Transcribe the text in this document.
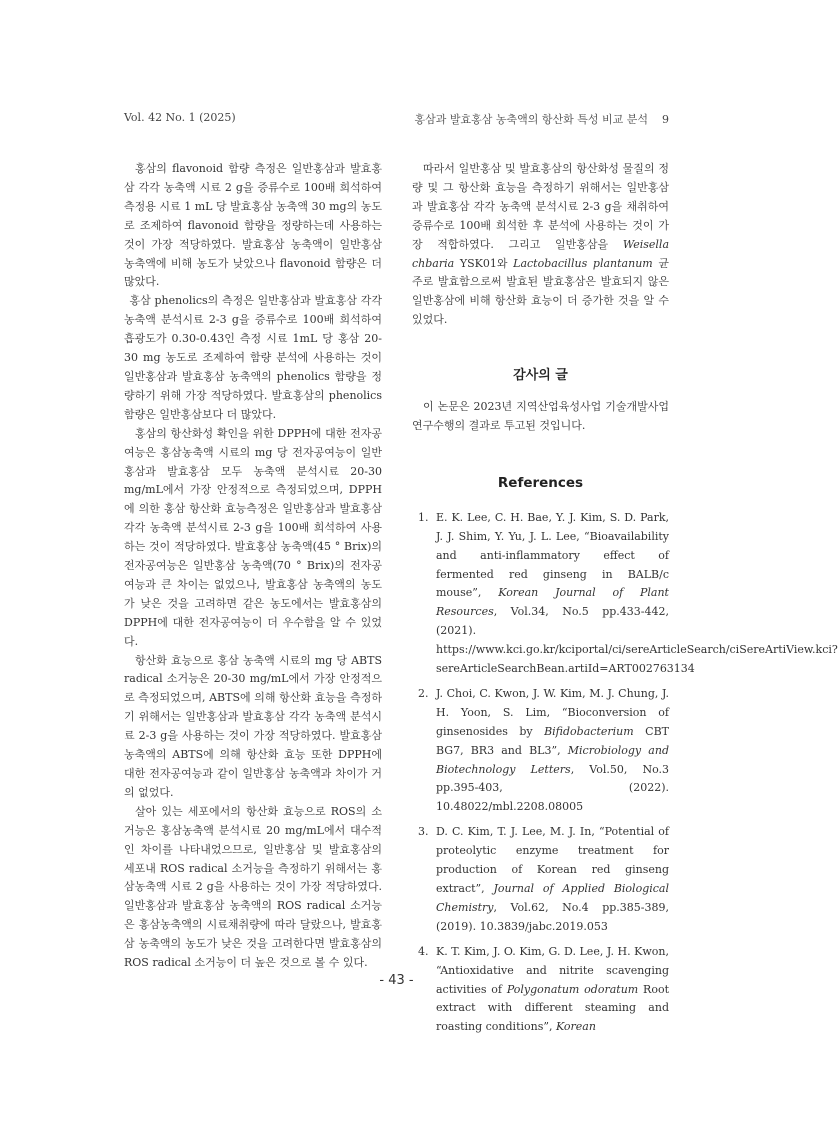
Vol. 42 No. 1 (2025)	홍삼과 발효홍삼 농축액의 항산화 특성 비교 분석 9

홍삼의 flavonoid 함량 측정은 일반홍삼과 발효홍삼 각각 농축액 시료 2 g을 증류수로 100배 희석하여 측정용 시료 1 mL 당 발효홍삼 농축액 30 mg의 농도로 조제하여 flavonoid 함량을 정량하는데 사용하는 것이 가장 적당하였다. 발효홍삼 농축액이 일반홍삼 농축액에 비해 농도가 낮았으나 flavonoid 함량은 더 많았다.

홍삼 phenolics의 측정은 일반홍삼과 발효홍삼 각각 농축액 분석시료 2-3 g을 증류수로 100배 희석하여 흡광도가 0.30-0.43인 측정 시료 1mL 당 홍삼 20-30 mg 농도로 조제하여 함량 분석에 사용하는 것이 일반홍삼과 발효홍삼 농축액의 phenolics 함량을 정량하기 위해 가장 적당하였다. 발효홍삼의 phenolics 함량은 일반홍삼보다 더 많았다.

홍삼의 항산화성 확인을 위한 DPPH에 대한 전자공여능은 홍삼농축액 시료의 mg 당 전자공여능이 일반홍삼과 발효홍삼 모두 농축액 분석시료 20-30 mg/mL에서 가장 안정적으로 측정되었으며, DPPH에 의한 홍삼 항산화 효능측정은 일반홍삼과 발효홍삼 각각 농축액 분석시료 2-3 g을 100배 희석하여 사용하는 것이 적당하였다. 발효홍삼 농축액(45 ° Brix)의 전자공여능은 일반홍삼 농축액(70 ° Brix)의 전자공여능과 큰 차이는 없었으나, 발효홍삼 농축액의 농도가 낮은 것을 고려하면 같은 농도에서는 발효홍삼의 DPPH에 대한 전자공여능이 더 우수함을 알 수 있었다.

항산화 효능으로 홍삼 농축액 시료의 mg 당 ABTS radical 소거능은 20-30 mg/mL에서 가장 안정적으로 측정되었으며, ABTS에 의해 항산화 효능을 측정하기 위해서는 일반홍삼과 발효홍삼 각각 농축액 분석시료 2-3 g을 사용하는 것이 가장 적당하였다. 발효홍삼 농축액의 ABTS에 의해 항산화 효능 또한 DPPH에 대한 전자공여능과 같이 일반홍삼 농축액과 차이가 거의 없었다.

살아 있는 세포에서의 항산화 효능으로 ROS의 소거능은 홍삼농축액 분석시료 20 mg/mL에서 대수적인 차이를 나타내었으므로, 일반홍삼 및 발효홍삼의 세포내 ROS radical 소거능을 측정하기 위해서는 홍삼농축액 시료 2 g을 사용하는 것이 가장 적당하였다. 일반홍삼과 발효홍삼 농축액의 ROS radical 소거능은 홍삼농축액의 시료채취량에 따라 달랐으나, 발효홍삼 농축액의 농도가 낮은 것을 고려한다면 발효홍삼의 ROS radical 소거능이 더 높은 것으로 볼 수 있다.

따라서 일반홍삼 및 발효홍삼의 항산화성 물질의 정량 및 그 항산화 효능을 측정하기 위해서는 일반홍삼과 발효홍삼 각각 농축액 분석시료 2-3 g을 채취하여 증류수로 100배 희석한 후 분석에 사용하는 것이 가장 적합하였다. 그리고 일반홍삼을 Weisella chbaria YSK01와 Lactobacillus plantanum 균주로 발효함으로써 발효된 발효홍삼은 발효되지 않은 일반홍삼에 비해 항산화 효능이 더 증가한 것을 알 수 있었다.

감사의 글

이 논문은 2023년 지역산업육성사업 기술개발사업 연구수행의 결과로 투고된 것입니다.

References
1. E. K. Lee, C. H. Bae, Y. J. Kim, S. D. Park, J. J. Shim, Y. Yu, J. L. Lee, “Bioavailability and anti-inflammatory effect of fermented red ginseng in BALB/c mouse”, Korean Journal of Plant Resources, Vol.34, No.5 pp.433-442, (2021). https://www.kci.go.kr/kciportal/ci/sereArticleSearch/ciSereArtiView.kci?sereArticleSearchBean.artiId=ART002763134
2. J. Choi, C. Kwon, J. W. Kim, M. J. Chung, J. H. Yoon, S. Lim, “Bioconversion of ginsenosides by Bifidobacterium CBT BG7, BR3 and BL3”, Microbiology and Biotechnology Letters, Vol.50, No.3 pp.395-403, (2022). 10.48022/mbl.2208.08005
3. D. C. Kim, T. J. Lee, M. J. In, “Potential of proteolytic enzyme treatment for production of Korean red ginseng extract”, Journal of Applied Biological Chemistry, Vol.62, No.4 pp.385-389, (2019). 10.3839/jabc.2019.053
4. K. T. Kim, J. O. Kim, G. D. Lee, J. H. Kwon, “Antioxidative and nitrite scavenging activities of Polygonatum odoratum Root extract with different steaming and roasting conditions”, Korean
- 43 -
